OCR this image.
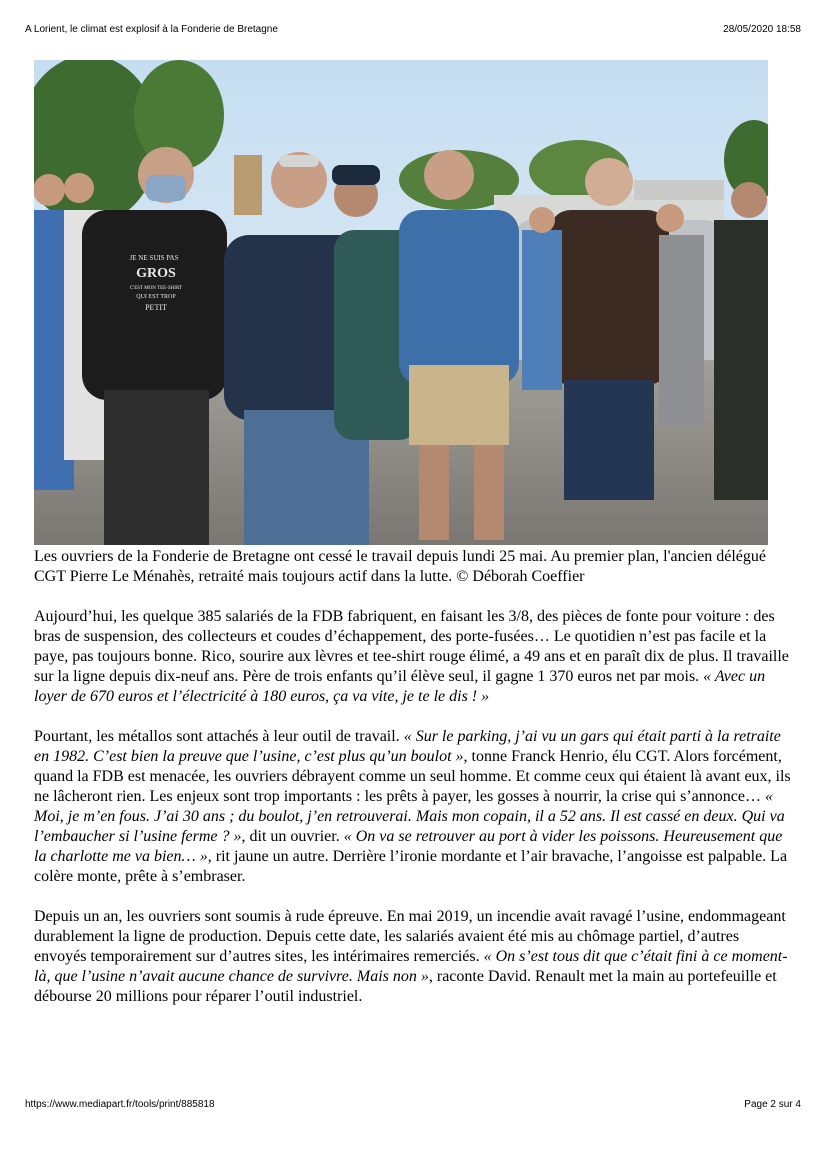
A Lorient, le climat est explosif à la Fonderie de Bretagne	28/05/2020 18:58
JE NE SUIS PAS
GROS
C'EST MON TEE-SHIRT
QUI EST TROP
PETIT
Les ouvriers de la Fonderie de Bretagne ont cessé le travail depuis lundi 25 mai. Au premier plan, l'ancien délégué CGT Pierre Le Ménahès, retraité mais toujours actif dans la lutte. © Déborah Coeffier

Aujourd’hui, les quelque 385 salariés de la FDB fabriquent, en faisant les 3/8, des pièces de fonte pour voiture : des bras de suspension, des collecteurs et coudes d’échappement, des porte-fusées… Le quotidien n’est pas facile et la paye, pas toujours bonne. Rico, sourire aux lèvres et tee-shirt rouge élimé, a 49 ans et en paraît dix de plus. Il travaille sur la ligne depuis dix-neuf ans. Père de trois enfants qu’il élève seul, il gagne 1 370 euros net par mois. « Avec un loyer de 670 euros et l’électricité à 180 euros, ça va vite, je te le dis ! »

Pourtant, les métallos sont attachés à leur outil de travail. « Sur le parking, j’ai vu un gars qui était parti à la retraite en 1982. C’est bien la preuve que l’usine, c’est plus qu’un boulot », tonne Franck Henrio, élu CGT. Alors forcément, quand la FDB est menacée, les ouvriers débrayent comme un seul homme. Et comme ceux qui étaient là avant eux, ils ne lâcheront rien. Les enjeux sont trop importants : les prêts à payer, les gosses à nourrir, la crise qui s’annonce… « Moi, je m’en fous. J’ai 30 ans ; du boulot, j’en retrouverai. Mais mon copain, il a 52 ans. Il est cassé en deux. Qui va l’embaucher si l’usine ferme ? », dit un ouvrier. « On va se retrouver au port à vider les poissons. Heureusement que la charlotte me va bien… », rit jaune un autre. Derrière l’ironie mordante et l’air bravache, l’angoisse est palpable. La colère monte, prête à s’embraser.

Depuis un an, les ouvriers sont soumis à rude épreuve. En mai 2019, un incendie avait ravagé l’usine, endommageant durablement la ligne de production. Depuis cette date, les salariés avaient été mis au chômage partiel, d’autres envoyés temporairement sur d’autres sites, les intérimaires remerciés. « On s’est tous dit que c’était fini à ce moment-là, que l’usine n’avait aucune chance de survivre. Mais non », raconte David. Renault met la main au portefeuille et débourse 20 millions pour réparer l’outil industriel.

https://www.mediapart.fr/tools/print/885818	Page 2 sur 4
